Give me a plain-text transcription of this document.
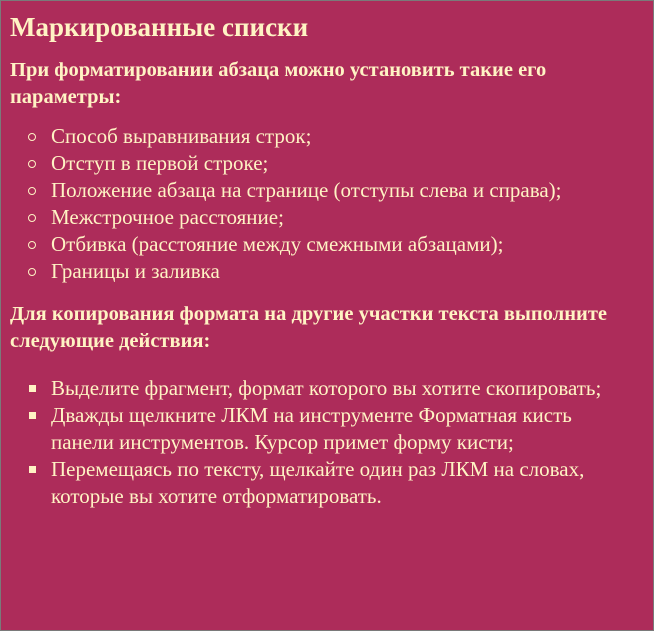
Маркированные списки
При форматировании абзаца можно установить такие его параметры:
Способ выравнивания строк;
Отступ в первой строке;
Положение абзаца на странице (отступы слева и справа);
Межстрочное расстояние;
Отбивка (расстояние между смежными абзацами);
Границы и заливка
Для копирования формата на другие участки текста выполните следующие действия:
Выделите фрагмент, формат которого вы хотите скопировать;
Дважды щелкните ЛКМ на инструменте Форматная кисть панели инструментов. Курсор примет форму кисти;
Перемещаясь по тексту, щелкайте один раз ЛКМ на словах, которые вы хотите отформатировать.
